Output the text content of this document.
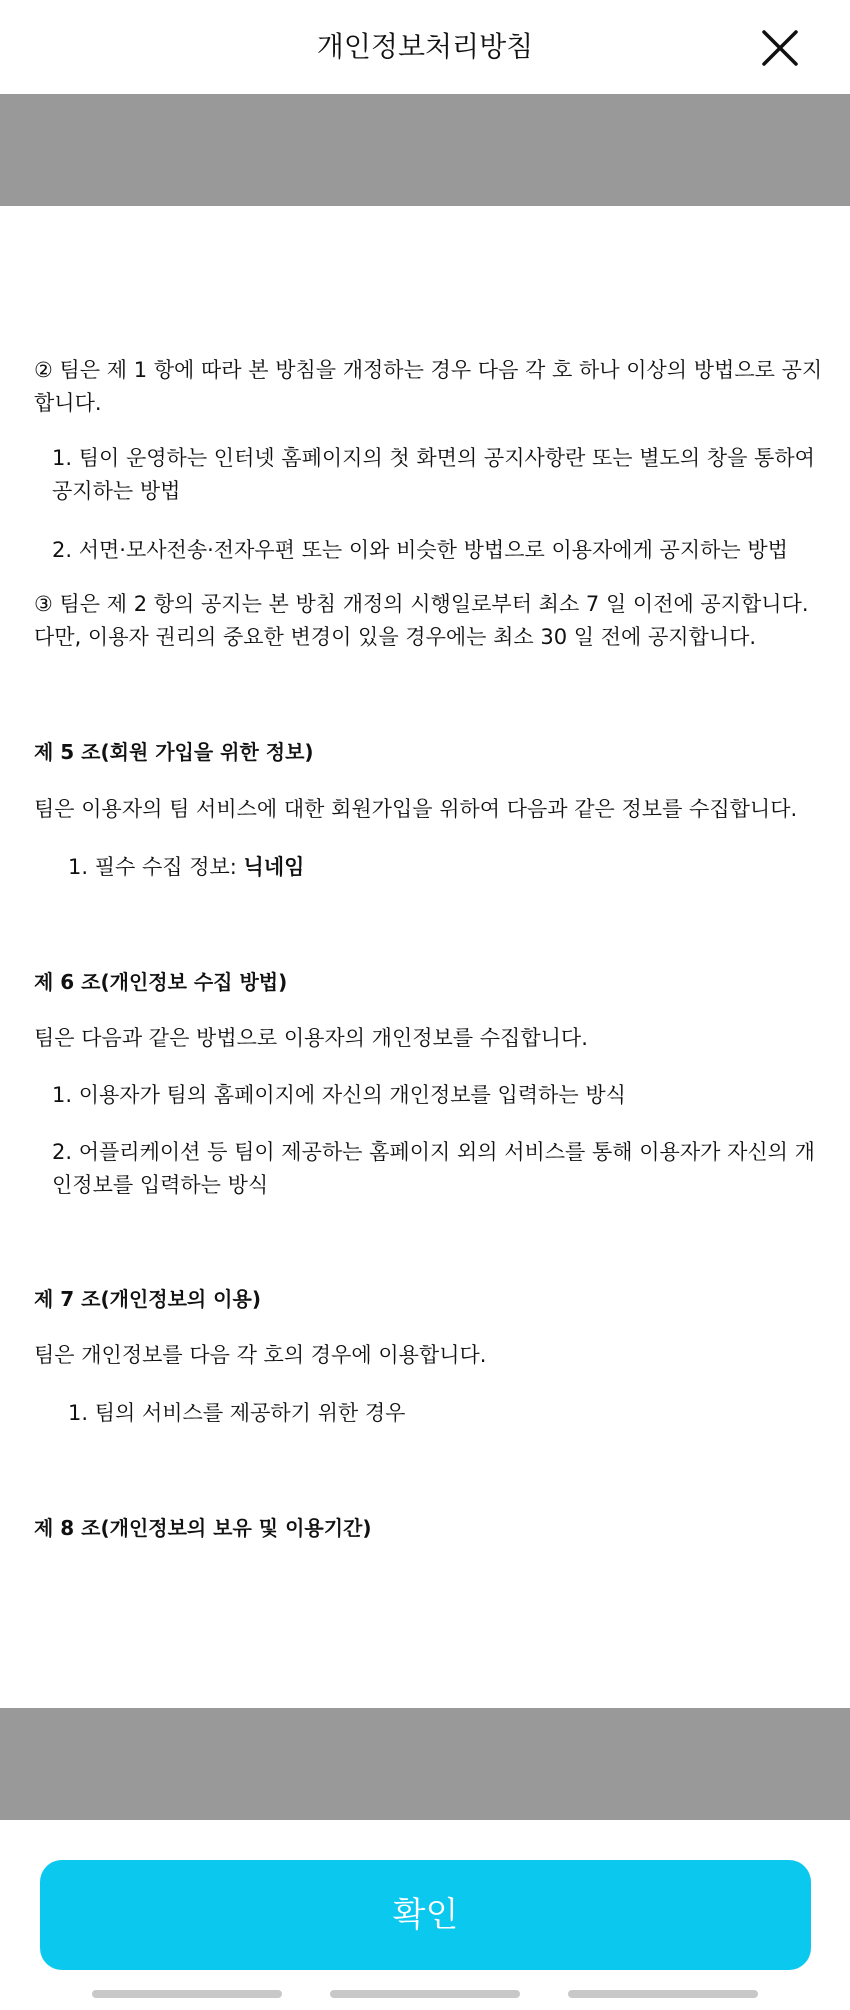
개인정보처리방침

② 팀은 제 1 항에 따라 본 방침을 개정하는 경우 다음 각 호 하나 이상의 방법으로 공지합니다.

1. 팀이 운영하는 인터넷 홈페이지의 첫 화면의 공지사항란 또는 별도의 창을 통하여 공지하는 방법

2. 서면·모사전송·전자우편 또는 이와 비슷한 방법으로 이용자에게 공지하는 방법

③ 팀은 제 2 항의 공지는 본 방침 개정의 시행일로부터 최소 7 일 이전에 공지합니다. 다만, 이용자 권리의 중요한 변경이 있을 경우에는 최소 30 일 전에 공지합니다.

제 5 조(회원 가입을 위한 정보)

팀은 이용자의 팀 서비스에 대한 회원가입을 위하여 다음과 같은 정보를 수집합니다.

1. 필수 수집 정보: 닉네임

제 6 조(개인정보 수집 방법)

팀은 다음과 같은 방법으로 이용자의 개인정보를 수집합니다.

1. 이용자가 팀의 홈페이지에 자신의 개인정보를 입력하는 방식

2. 어플리케이션 등 팀이 제공하는 홈페이지 외의 서비스를 통해 이용자가 자신의 개인정보를 입력하는 방식

제 7 조(개인정보의 이용)

팀은 개인정보를 다음 각 호의 경우에 이용합니다.

1. 팀의 서비스를 제공하기 위한 경우

제 8 조(개인정보의 보유 및 이용기간)

확인
